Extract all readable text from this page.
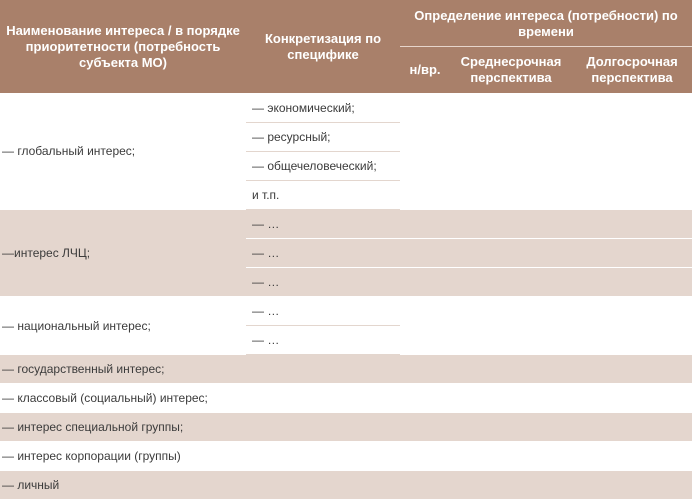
Наименование интереса / в порядке приоритетности (потребность субъекта МО)	Конкретизация по специфике	Определение интереса (потребности) по времени		
		н/вр.	Среднесрочная перспектива	Долгосрочная перспектива
— глобальный интерес;	— экономический;			
	— ресурсный;			
	— общечеловеческий;			
	и т.п.			
—интерес ЛЧЦ;	— …			
	— …			
	— …			
— национальный интерес;	— …			
	— …			
— государственный интерес;				
— классовый (социальный) интерес;				
— интерес специальной группы;				
— интерес корпорации (группы)				
— личный				
